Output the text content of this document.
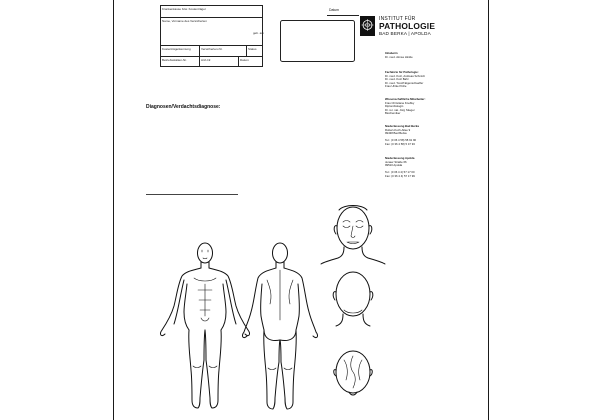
Krankenkasse bzw. Kostenträger
Name, Vorname des Versicherten
geb. am
Kostenträgerkennung	Versicherten-Nr.	Status
Betriebsstätten-Nr.	Arzt-Nr.	Datum
Datum
INSTITUT FÜR
PATHOLOGIE
BAD BERKA | APOLDA
Inhaberin
Dr. med. Aimée Hinkle
Fachärzte für Pathologie:
Dr. med. Kutz, Andreas Schmidt
Dr. med. Kutz Bahr
Dr. med. Tonoff Eigenschaeffer
Frau Ulrike Pölze
Wissenschaftliche Mitarbeiter:
Frau Christiane Kneffey
Diplombiologin
Dr. rer. nat. Jörg Stieger
Biochemiker
Niederlassung Bad Berka
Robert-Koch-Allee 9
99438 Bad Berka

Tel.: (0 36 4 58) 58 91 90
Fax: (0 36 4 58) 5 47 93
Niederlassung Apolda
Jenaer Straße 66
99510 Apolda

Tel.: (0 36 4 4) 57 17 00
Fax: (0 36 4 4) 57 17 99
Diagnosen/Verdachtsdiagnose:
